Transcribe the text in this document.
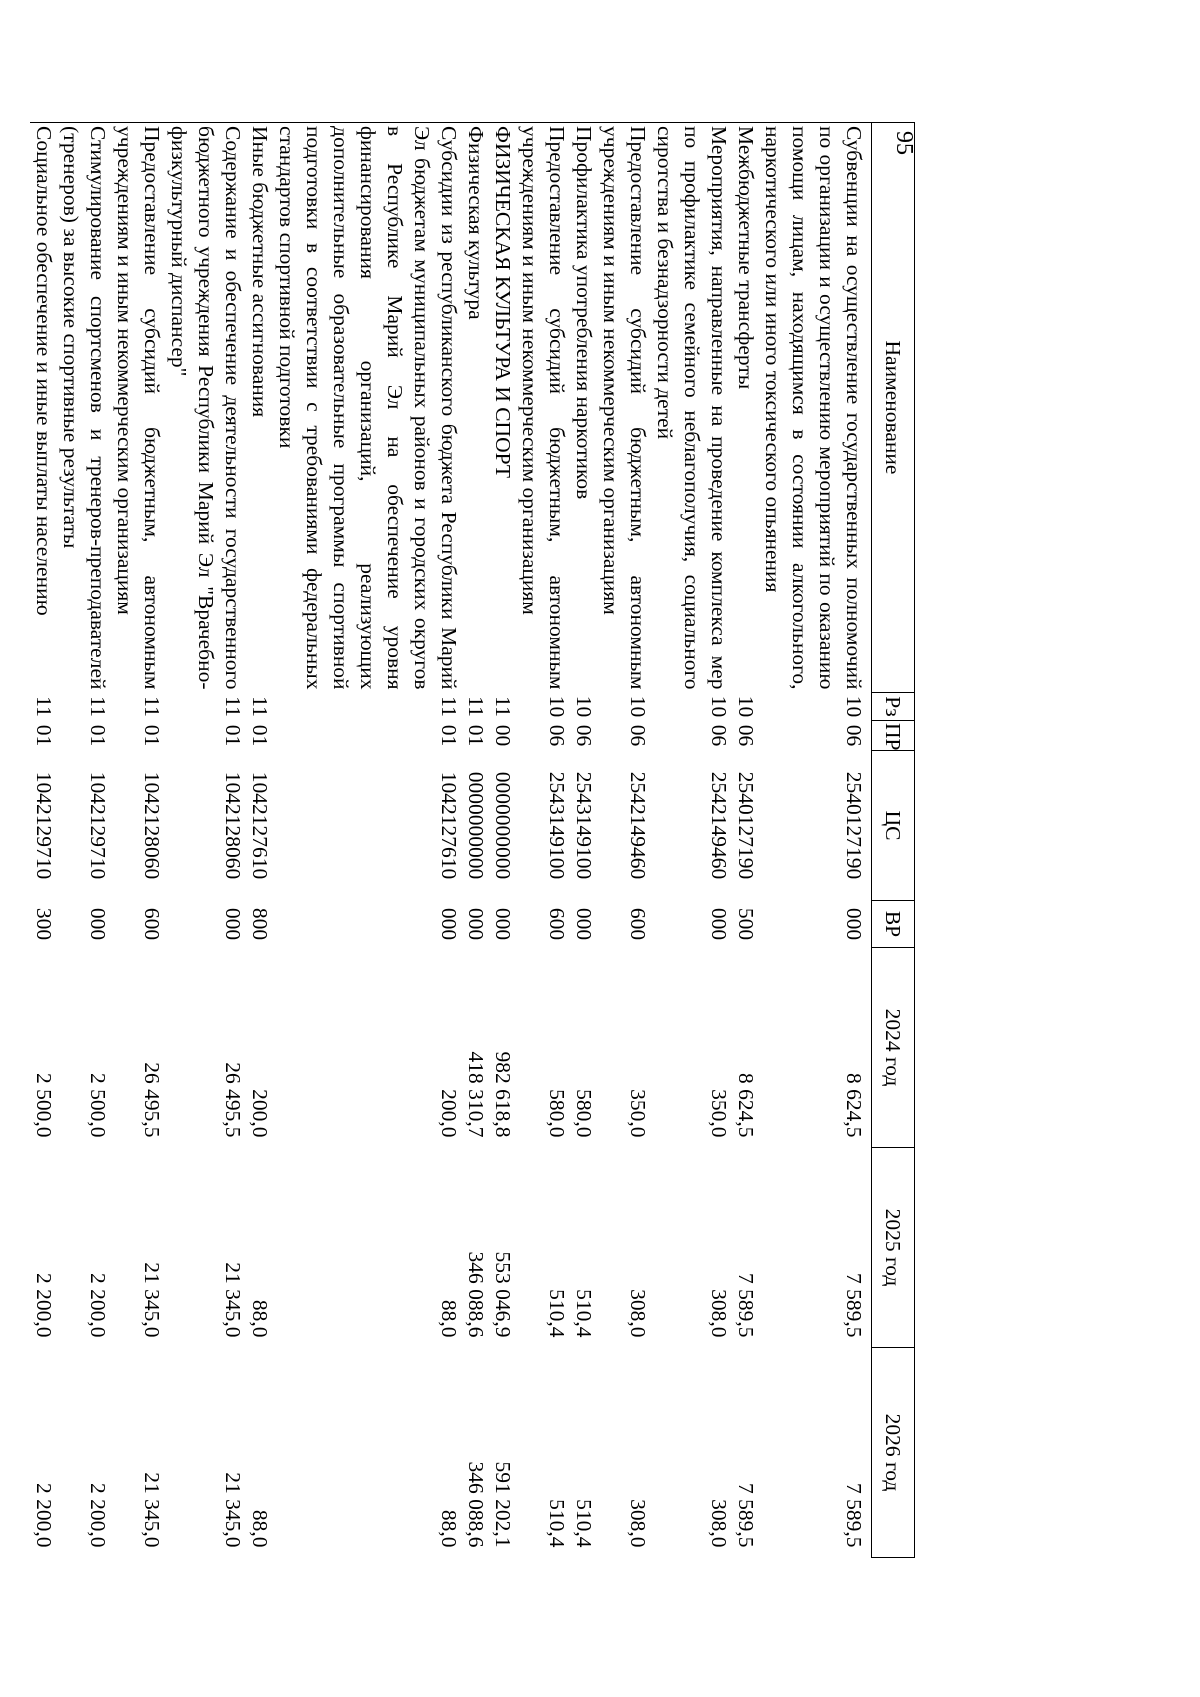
95
Наименование	Рз	ПР	ЦС	ВР	2024 год	2025 год	2026 год
Субвенции на осуществление государственных полномочий по организации и осуществлению мероприятий по оказанию помощи лицам, находящимся в состоянии алкогольного, наркотического или иного токсического опьянения	10	06	2540127190	000	8 624,5	7 589,5	7 589,5
Межбюджетные трансферты	10	06	2540127190	500	8 624,5	7 589,5	7 589,5
Мероприятия, направленные на проведение комплекса мер по профилактике семейного неблагополучия, социального сиротства и безнадзорности детей	10	06	2542149460	000	350,0	308,0	308,0
Предоставление субсидий бюджетным, автономным учреждениям и иным некоммерческим организациям	10	06	2542149460	600	350,0	308,0	308,0
Профилактика употребления наркотиков	10	06	2543149100	000	580,0	510,4	510,4
Предоставление субсидий бюджетным, автономным учреждениям и иным некоммерческим организациям	10	06	2543149100	600	580,0	510,4	510,4
ФИЗИЧЕСКАЯ КУЛЬТУРА И СПОРТ	11	00	0000000000	000	982 618,8	553 046,9	591 202,1
Физическая культура	11	01	0000000000	000	418 310,7	346 088,6	346 088,6
Субсидии из республиканского бюджета Республики Марий Эл бюджетам муниципальных районов и городских округов в Республике Марий Эл на обеспечение уровня финансирования организаций, реализующих дополнительные образовательные программы спортивной подготовки в соответствии с требованиями федеральных стандартов спортивной подготовки	11	01	1042127610	000	200,0	88,0	88,0
Иные бюджетные ассигнования	11	01	1042127610	800	200,0	88,0	88,0
Содержание и обеспечение деятельности государственного бюджетного учреждения Республики Марий Эл "Врачебно-физкультурный диспансер"	11	01	1042128060	000	26 495,5	21 345,0	21 345,0
Предоставление субсидий бюджетным, автономным учреждениям и иным некоммерческим организациям	11	01	1042128060	600	26 495,5	21 345,0	21 345,0
Стимулирование спортсменов и тренеров-преподавателей (тренеров) за высокие спортивные результаты	11	01	1042129710	000	2 500,0	2 200,0	2 200,0
Социальное обеспечение и иные выплаты населению	11	01	1042129710	300	2 500,0	2 200,0	2 200,0
